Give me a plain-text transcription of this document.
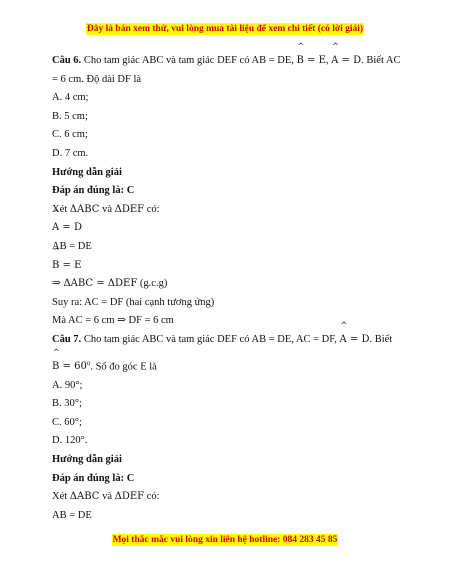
Đây là bản xem thử, vui lòng mua tài liệu để xem chi tiết (có lời giải)
Câu 6. Cho tam giác ABC và tam giác DEF có AB = DE, ^ B = E, ^ A = D. Biết AC
= 6 cm. Độ dài DF là
A. 4 cm;
B. 5 cm;
C. 6 cm;
D. 7 cm.
Hướng dẫn giải
Đáp án đúng là: C
Xét ΔABC và ΔDEF có:
^ A = D
AB = DE
^ B = E
⇒ ΔABC = ΔDEF (g.c.g)
Suy ra: AC = DF (hai cạnh tương ứng)
Mà AC = 6 cm ⇒ DF = 6 cm
Câu 7. Cho tam giác ABC và tam giác DEF có AB = DE, AC = DF, ^ A = D. Biết
^ $B = 60^o$. Số đo góc E là
A. 90°;
B. 30°;
C. 60°;
D. 120°.
Hướng dẫn giải
Đáp án đúng là: C
Xét ΔABC và ΔDEF có:
AB = DE
Mọi thắc mắc vui lòng xin liên hệ hotline: 084 283 45 85
